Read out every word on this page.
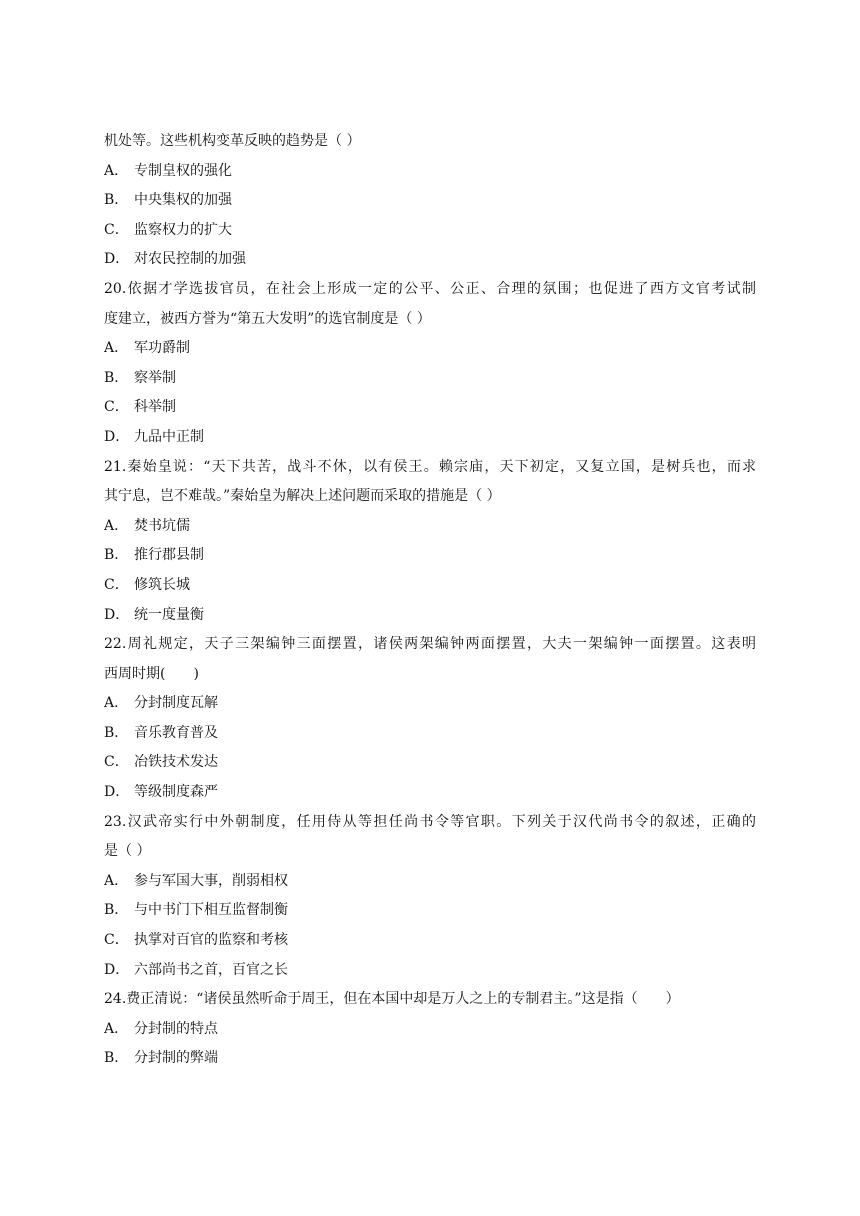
机处等。这些机构变革反映的趋势是（ ）
A． 专制皇权的强化
B． 中央集权的加强
C． 监察权力的扩大
D． 对农民控制的加强
20.依据才学选拔官员，在社会上形成一定的公平、公正、合理的氛围；也促进了西方文官考试制
度建立，被西方誉为“第五大发明”的选官制度是（ ）
A． 军功爵制
B． 察举制
C． 科举制
D． 九品中正制
21.秦始皇说：“天下共苦，战斗不休，以有侯王。赖宗庙，天下初定，又复立国，是树兵也，而求
其宁息，岂不难哉。”秦始皇为解决上述问题而采取的措施是（ ）
A． 焚书坑儒
B． 推行郡县制
C． 修筑长城
D． 统一度量衡
22.周礼规定，天子三架编钟三面摆置，诸侯两架编钟两面摆置，大夫一架编钟一面摆置。这表明
西周时期(　　)
A． 分封制度瓦解
B． 音乐教育普及
C． 冶铁技术发达
D． 等级制度森严
23.汉武帝实行中外朝制度，任用侍从等担任尚书令等官职。下列关于汉代尚书令的叙述，正确的
是（ ）
A． 参与军国大事，削弱相权
B． 与中书门下相互监督制衡
C． 执掌对百官的监察和考核
D． 六部尚书之首，百官之长
24.费正清说：“诸侯虽然听命于周王，但在本国中却是万人之上的专制君主。”这是指（　　）
A． 分封制的特点
B． 分封制的弊端
